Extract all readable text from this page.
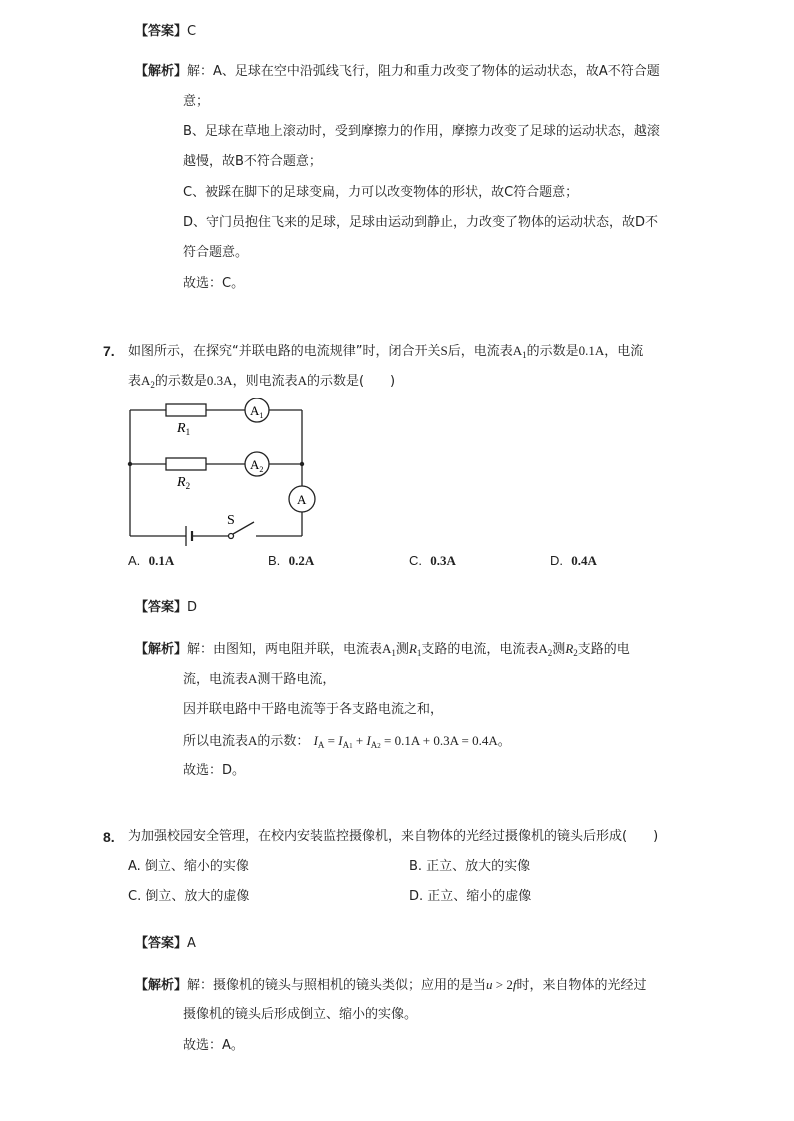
【答案】C
【解析】解：A、足球在空中沿弧线飞行，阻力和重力改变了物体的运动状态，故A不符合题
意；
B、足球在草地上滚动时，受到摩擦力的作用，摩擦力改变了足球的运动状态，越滚
越慢，故B不符合题意；
C、被踩在脚下的足球变扁，力可以改变物体的形状，故C符合题意；
D、守门员抱住飞来的足球，足球由运动到静止，力改变了物体的运动状态，故D不
符合题意。
故选：C。
7. 如图所示，在探究“并联电路的电流规律”时，闭合开关S后，电流表$A_1$的示数是0.1A，电流
表$A_2$的示数是0.3A，则电流表A的示数是(　　)
$R_1$
$R_2$
$A_1$
$A_2$
A
S
A. 0.1A	B. 0.2A	C. 0.3A	D. 0.4A
【答案】D
【解析】解：由图知，两电阻并联，电流表$A_1$测$R_1$支路的电流，电流表$A_2$测$R_2$支路的电
流，电流表A测干路电流，
因并联电路中干路电流等于各支路电流之和，
所以电流表A的示数： $I_A = I_{A1} + I_{A2} = 0.1A + 0.3A = 0.4A$。
故选：D。
8. 为加强校园安全管理，在校内安装监控摄像机，来自物体的光经过摄像机的镜头后形成(　　)
A. 倒立、缩小的实像	B. 正立、放大的实像
C. 倒立、放大的虚像	D. 正立、缩小的虚像
【答案】A
【解析】解：摄像机的镜头与照相机的镜头类似；应用的是当u > 2f时，来自物体的光经过
摄像机的镜头后形成倒立、缩小的实像。
故选：A。
